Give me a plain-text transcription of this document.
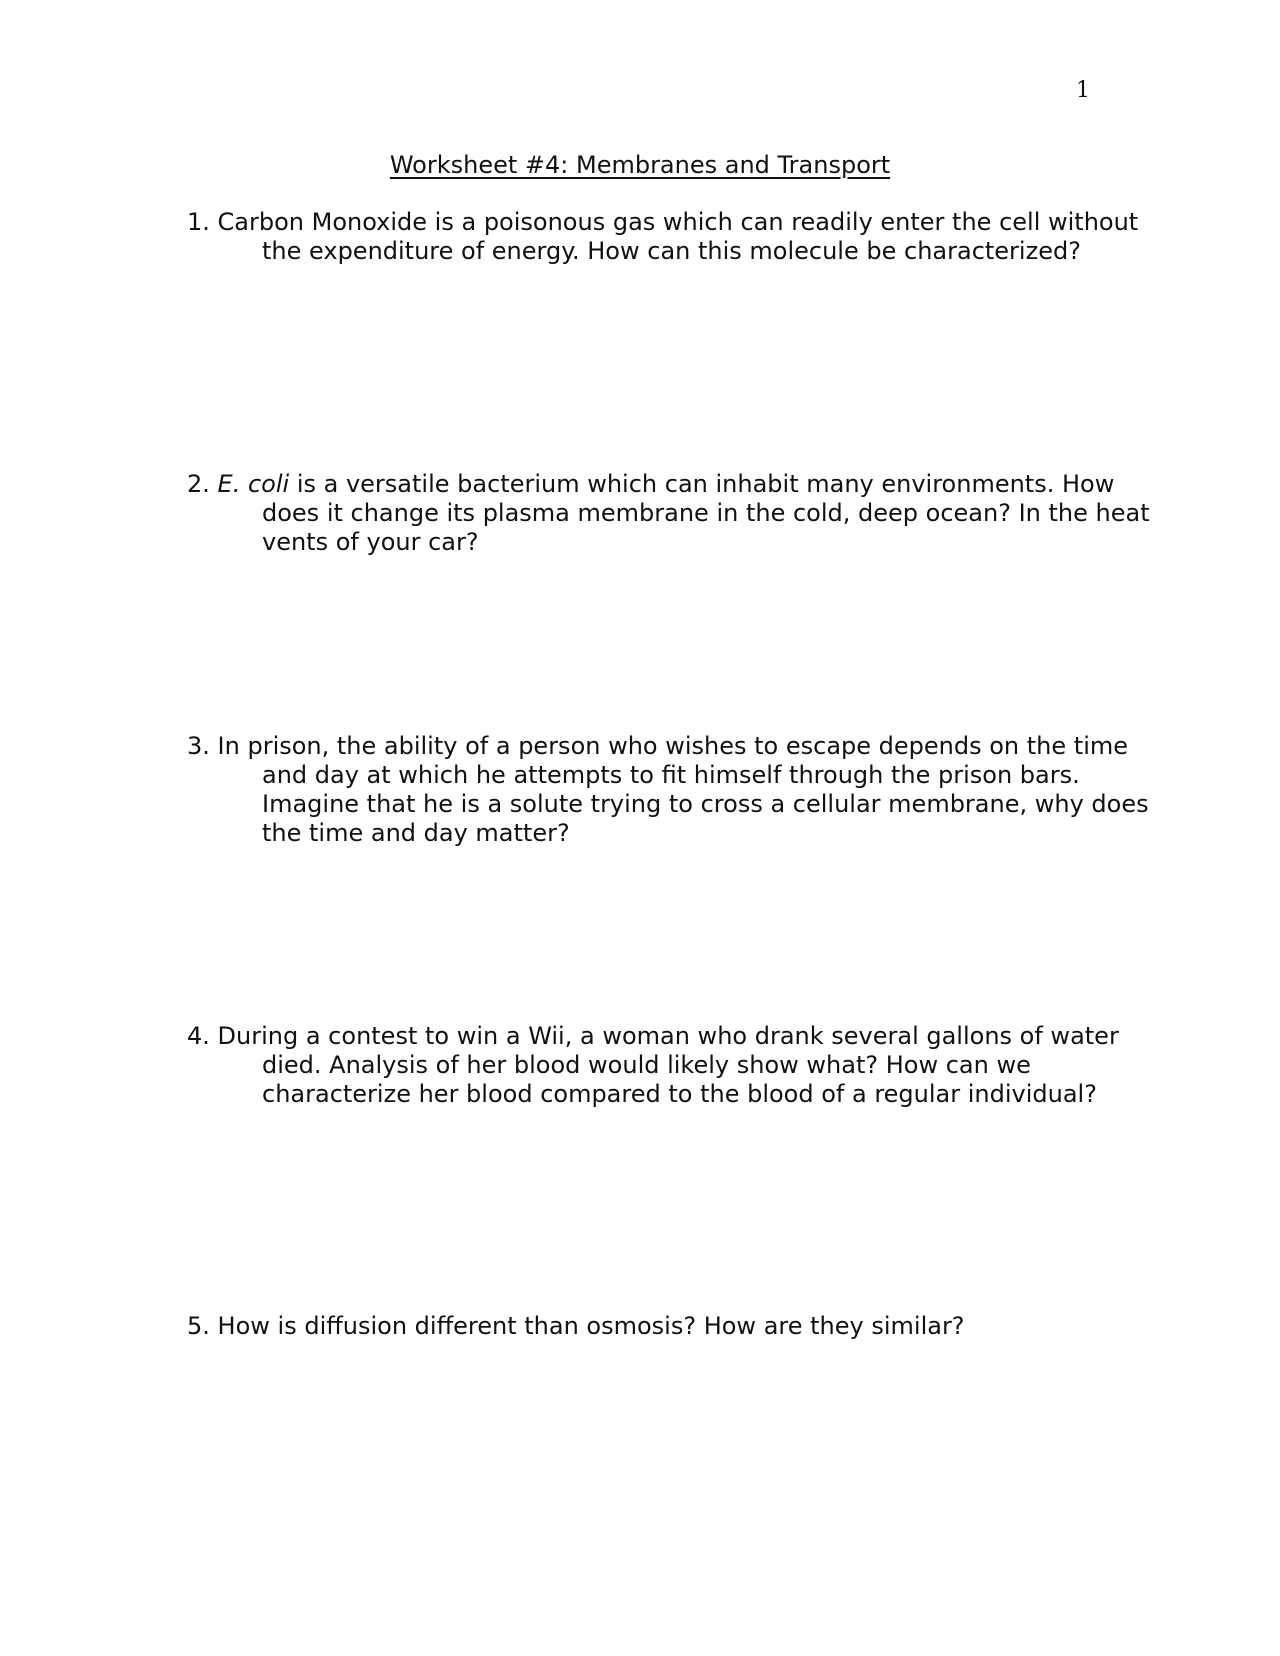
1
Worksheet #4: Membranes and Transport

1. Carbon Monoxide is a poisonous gas which can readily enter the cell without the expenditure of energy. How can this molecule be characterized?

2. E. coli is a versatile bacterium which can inhabit many environments. How does it change its plasma membrane in the cold, deep ocean? In the heat vents of your car?

3. In prison, the ability of a person who wishes to escape depends on the time and day at which he attempts to fit himself through the prison bars. Imagine that he is a solute trying to cross a cellular membrane, why does the time and day matter?

4. During a contest to win a Wii, a woman who drank several gallons of water died. Analysis of her blood would likely show what? How can we characterize her blood compared to the blood of a regular individual?

5. How is diffusion different than osmosis? How are they similar?
